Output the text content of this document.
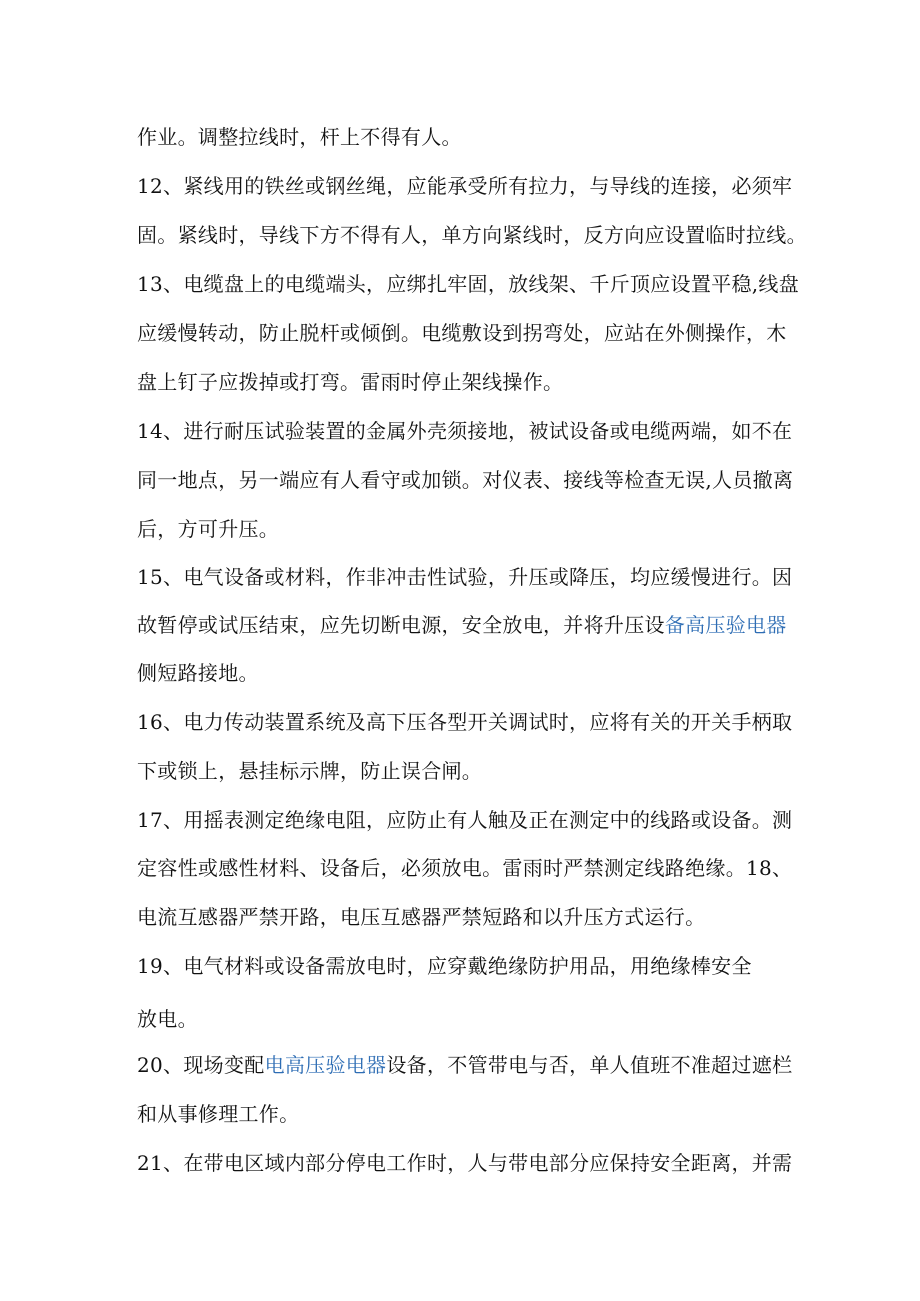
作业。调整拉线时，杆上不得有人。
12、紧线用的铁丝或钢丝绳，应能承受所有拉力，与导线的连接，必须牢
固。紧线时，导线下方不得有人，单方向紧线时，反方向应设置临时拉线。
13、电缆盘上的电缆端头，应绑扎牢固，放线架、千斤顶应设置平稳,线盘
应缓慢转动，防止脱杆或倾倒。电缆敷设到拐弯处，应站在外侧操作，木
盘上钉子应拨掉或打弯。雷雨时停止架线操作。
14、进行耐压试验装置的金属外壳须接地，被试设备或电缆两端，如不在
同一地点，另一端应有人看守或加锁。对仪表、接线等检查无误,人员撤离
后，方可升压。
15、电气设备或材料，作非冲击性试验，升压或降压，均应缓慢进行。因
故暂停或试压结束，应先切断电源，安全放电，并将升压设备高压验电器
侧短路接地。
16、电力传动装置系统及高下压各型开关调试时，应将有关的开关手柄取
下或锁上，悬挂标示牌，防止误合闸。
17、用摇表测定绝缘电阻，应防止有人触及正在测定中的线路或设备。测
定容性或感性材料、设备后，必须放电。雷雨时严禁测定线路绝缘。18、
电流互感器严禁开路，电压互感器严禁短路和以升压方式运行。
19、电气材料或设备需放电时，应穿戴绝缘防护用品，用绝缘棒安全
放电。
20、现场变配电高压验电器设备，不管带电与否，单人值班不准超过遮栏
和从事修理工作。
21、在带电区域内部分停电工作时，人与带电部分应保持安全距离，并需
